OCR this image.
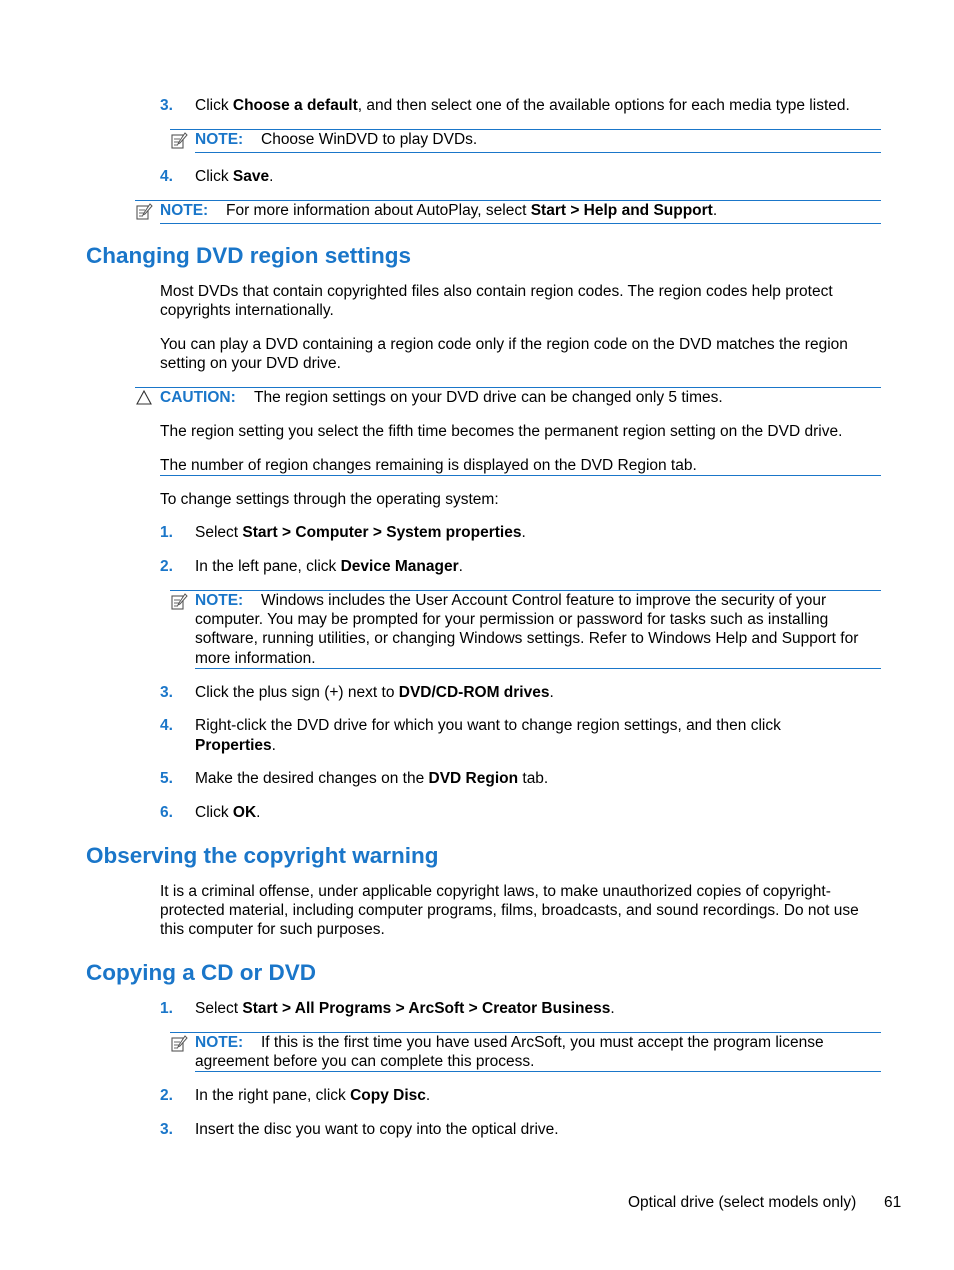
3. Click Choose a default, and then select one of the available options for each media type listed.
NOTE: Choose WinDVD to play DVDs.
4. Click Save.
NOTE: For more information about AutoPlay, select Start > Help and Support.
Changing DVD region settings
Most DVDs that contain copyrighted files also contain region codes. The region codes help protect
copyrights internationally.
You can play a DVD containing a region code only if the region code on the DVD matches the region
setting on your DVD drive.
CAUTION: The region settings on your DVD drive can be changed only 5 times.
The region setting you select the fifth time becomes the permanent region setting on the DVD drive.
The number of region changes remaining is displayed on the DVD Region tab.
To change settings through the operating system:
1. Select Start > Computer > System properties.
2. In the left pane, click Device Manager.
NOTE: Windows includes the User Account Control feature to improve the security of your
computer. You may be prompted for your permission or password for tasks such as installing
software, running utilities, or changing Windows settings. Refer to Windows Help and Support for
more information.
3. Click the plus sign (+) next to DVD/CD-ROM drives.
4. Right-click the DVD drive for which you want to change region settings, and then click
Properties.
5. Make the desired changes on the DVD Region tab.
6. Click OK.
Observing the copyright warning
It is a criminal offense, under applicable copyright laws, to make unauthorized copies of copyright-
protected material, including computer programs, films, broadcasts, and sound recordings. Do not use
this computer for such purposes.
Copying a CD or DVD
1. Select Start > All Programs > ArcSoft > Creator Business.
NOTE: If this is the first time you have used ArcSoft, you must accept the program license
agreement before you can complete this process.
2. In the right pane, click Copy Disc.
3. Insert the disc you want to copy into the optical drive.
Optical drive (select models only) 61
